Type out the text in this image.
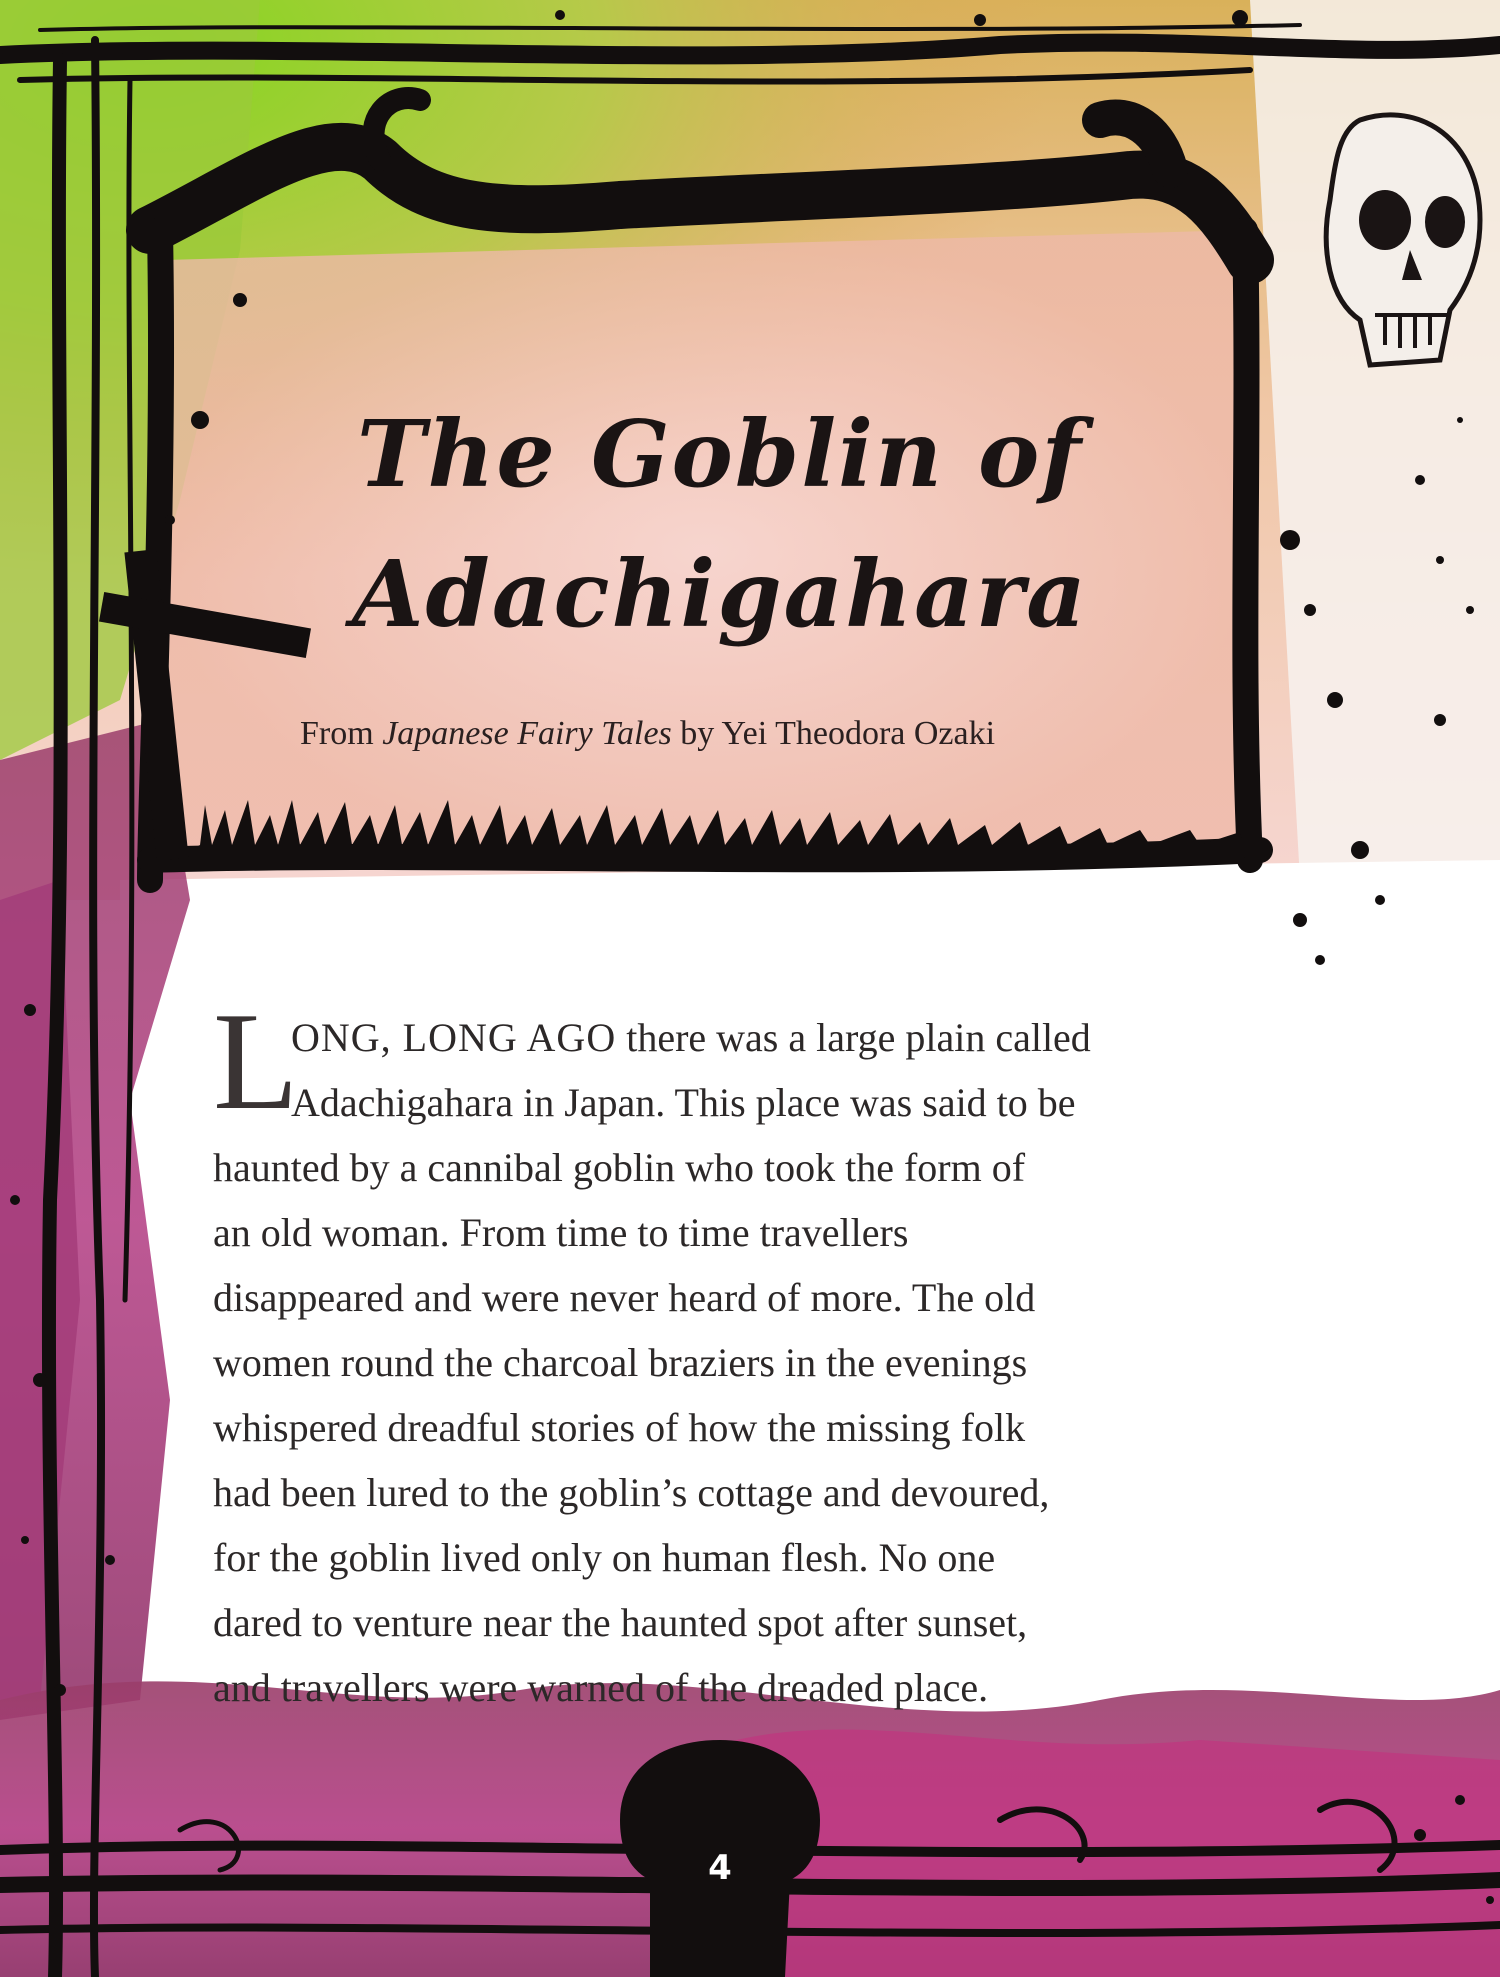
The Goblin of
Adachigahara
From Japanese Fairy Tales by Yei Theodora Ozaki
L
ONG, LONG AGO there was a large plain called
Adachigahara in Japan. This place was said to be
haunted by a cannibal goblin who took the form of
an old woman. From time to time travellers
disappeared and were never heard of more. The old
women round the charcoal braziers in the evenings
whispered dreadful stories of how the missing folk
had been lured to the goblin’s cottage and devoured,
for the goblin lived only on human flesh. No one
dared to venture near the haunted spot after sunset,
and travellers were warned of the dreaded place.
4
